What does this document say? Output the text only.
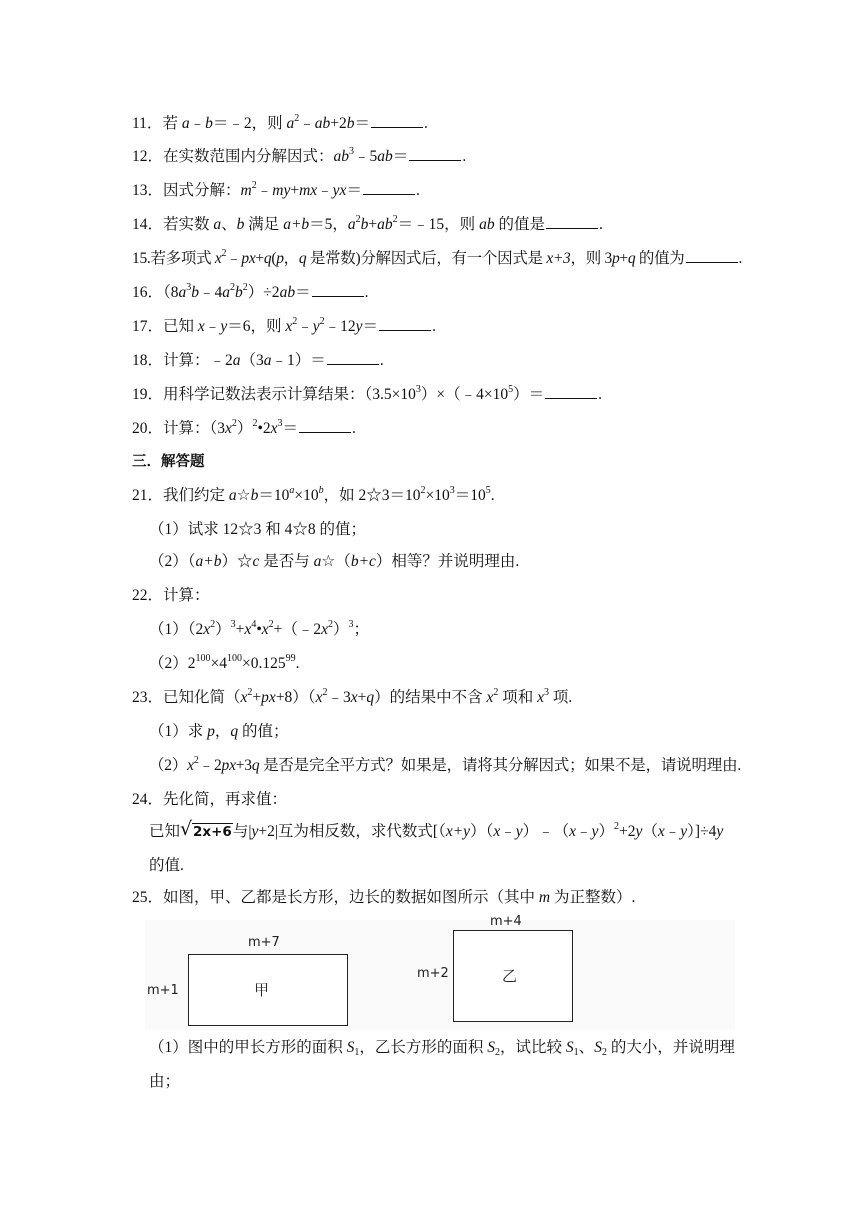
11．若 a﹣b＝﹣2，则 $a^2﹣ab+2b=$	.
12．在实数范围内分解因式：$ab^3﹣5ab=$	.
13．因式分解：$m^2﹣my+mx﹣yx=$	.
14．若实数 a、b 满足 a+b＝5，$a^2b+ab^2=﹣15$，则 ab 的值是	.
15.若多项式 $x^2﹣px+q(p$，q 是常数)分解因式后，有一个因式是 x+3，则 3p+q 的值为	.
16．$(8a^3b﹣4a^2b^2)\div 2ab=$	.
17．已知 x﹣y＝6，则 $x^2﹣y^2﹣12y=$	.
18．计算：﹣2a（3a﹣1）＝	.
19．用科学记数法表示计算结果：$(3.5\times 10^3)\times(﹣4\times 10^5)=$	.
20．计算：$(3x^2)^2•2x^3=$	.
三．解答题
21．我们约定 $a☆b=10^a\times 10^b$，如 $2☆3=10^2\times 10^3=10^5$.
（1）试求 12☆3 和 4☆8 的值；
（2）（a+b）☆c 是否与 a☆（b+c）相等？并说明理由.
22．计算：
$(1)(2x^2)^3+x^4•x^2+(﹣2x^2)^3$；
$(2)2^{100}\times 4^{100}\times 0.125^{99}$.
23．已知化简$(x^2+px+8)(x^2﹣3x+q)$的结果中不含 $x^2$ 项和 $x^3$ 项.
（1）求 p，q 的值；
$(2)x^2﹣2px+3q$ 是否是完全平方式？如果是，请将其分解因式；如果不是，请说明理由.
24．先化简，再求值：
已知 √ 2x+6与|y+2|互为相反数，求代数式[（x+y）（x﹣y）﹣（x﹣y）$^2$+2y（x﹣y）]÷4y
的值.
25．如图，甲、乙都是长方形，边长的数据如图所示（其中 m 为正整数）.
m+7
m+1	甲
m+4
m+2	乙
（1）图中的甲长方形的面积 $S_1$，乙长方形的面积 $S_2$，试比较 $S_1$、$S_2$ 的大小，并说明理
由；
